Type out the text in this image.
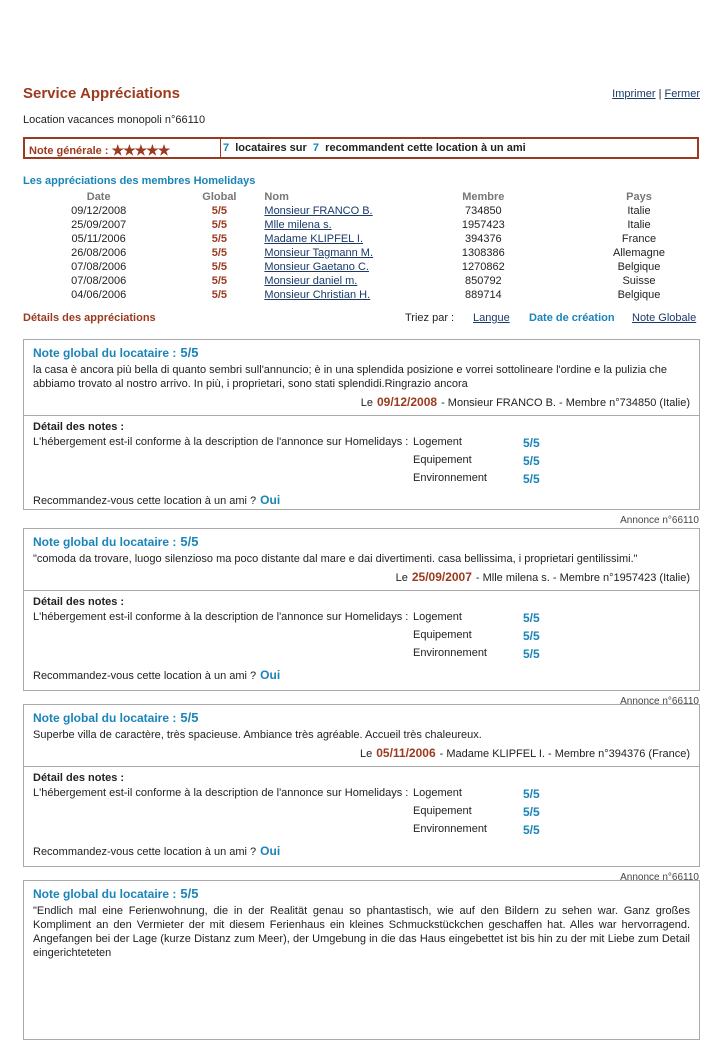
Service Appréciations	Imprimer | Fermer
Location vacances monopoli n°66110
Note générale : ★★★★★	7 locataires sur 7 recommandent cette location à un ami
Les appréciations des membres Homelidays
Date	Global	Nom	Membre	Pays
09/12/2008	5/5	Monsieur FRANCO B.	734850	Italie
25/09/2007	5/5	Mlle milena s.	1957423	Italie
05/11/2006	5/5	Madame KLIPFEL I.	394376	France
26/08/2006	5/5	Monsieur Tagmann M.	1308386	Allemagne
07/08/2006	5/5	Monsieur Gaetano C.	1270862	Belgique
07/08/2006	5/5	Monsieur daniel m.	850792	Suisse
04/06/2006	5/5	Monsieur Christian H.	889714	Belgique
Détails des appréciations	Triez par : Langue Date de création Note Globale
Note global du locataire : 5/5
la casa è ancora più bella di quanto sembri sull'annuncio; è in una splendida posizione e vorrei sottolineare l'ordine e la pulizia che abbiamo trovato al nostro arrivo. In più, i proprietari, sono stati splendidi.Ringrazio ancora
Le 09/12/2008 - Monsieur FRANCO B. - Membre n°734850 (Italie)
Détail des notes :
L'hébergement est-il conforme à la description de l'annonce sur Homelidays : Logement	5/5
Equipement	5/5
Environnement	5/5
Recommandez-vous cette location à un ami ? Oui
Annonce n°66110
Note global du locataire : 5/5
"comoda da trovare, luogo silenzioso ma poco distante dal mare e dai divertimenti. casa bellissima, i proprietari gentilissimi."
Le 25/09/2007 - Mlle milena s. - Membre n°1957423 (Italie)
Détail des notes :
L'hébergement est-il conforme à la description de l'annonce sur Homelidays : Logement	5/5
Equipement	5/5
Environnement	5/5
Recommandez-vous cette location à un ami ? Oui
Annonce n°66110
Note global du locataire : 5/5
Superbe villa de caractère, très spacieuse. Ambiance très agréable. Accueil très chaleureux.
Le 05/11/2006 - Madame KLIPFEL I. - Membre n°394376 (France)
Détail des notes :
L'hébergement est-il conforme à la description de l'annonce sur Homelidays : Logement	5/5
Equipement	5/5
Environnement	5/5
Recommandez-vous cette location à un ami ? Oui
Annonce n°66110
Note global du locataire : 5/5
"Endlich mal eine Ferienwohnung, die in der Realität genau so phantastisch, wie auf den Bildern zu sehen war. Ganz großes Kompliment an den Vermieter der mit diesem Ferienhaus ein kleines Schmuckstückchen geschaffen hat. Alles war hervorragend. Angefangen bei der Lage (kurze Distanz zum Meer), der Umgebung in die das Haus eingebettet ist bis hin zu der mit Liebe zum Detail eingerichteteten
